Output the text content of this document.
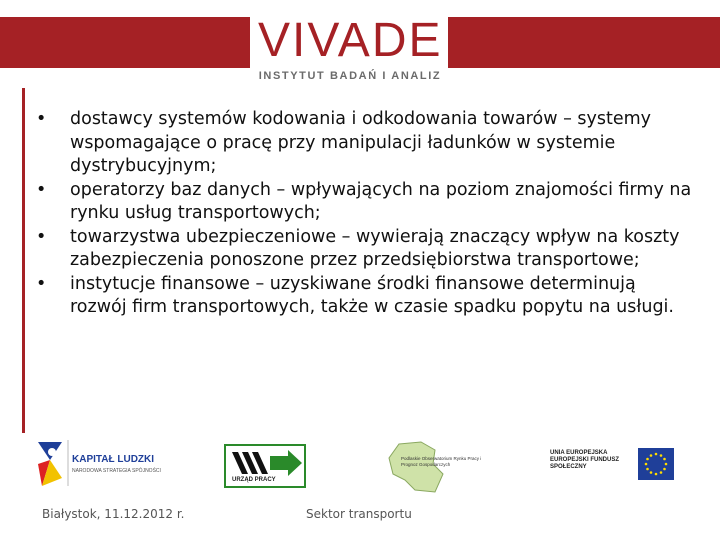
VIVADE
INSTYTUT BADAŃ I ANALIZ
•	dostawcy systemów kodowania i odkodowania towarów – systemy wspomagające o pracę przy manipulacji ładunków w systemie dystrybucyjnym;
•	operatorzy baz danych – wpływających na poziom znajomości firmy na rynku usług transportowych;
•	towarzystwa ubezpieczeniowe – wywierają znaczący wpływ na koszty zabezpieczenia ponoszone przez przedsiębiorstwa transportowe;
•	instytucje finansowe – uzyskiwane środki finansowe determinują rozwój firm transportowych, także w czasie spadku popytu na usługi.
KAPITAŁ LUDZKI
NARODOWA STRATEGIA SPÓJNOŚCI
URZĄD PRACY
Podlaskie Obserwatorium Rynku Pracy i Prognoz Gospodarczych
UNIA EUROPEJSKA EUROPEJSKI FUNDUSZ SPOŁECZNY
Białystok, 11.12.2012 r.	Sektor transportu
